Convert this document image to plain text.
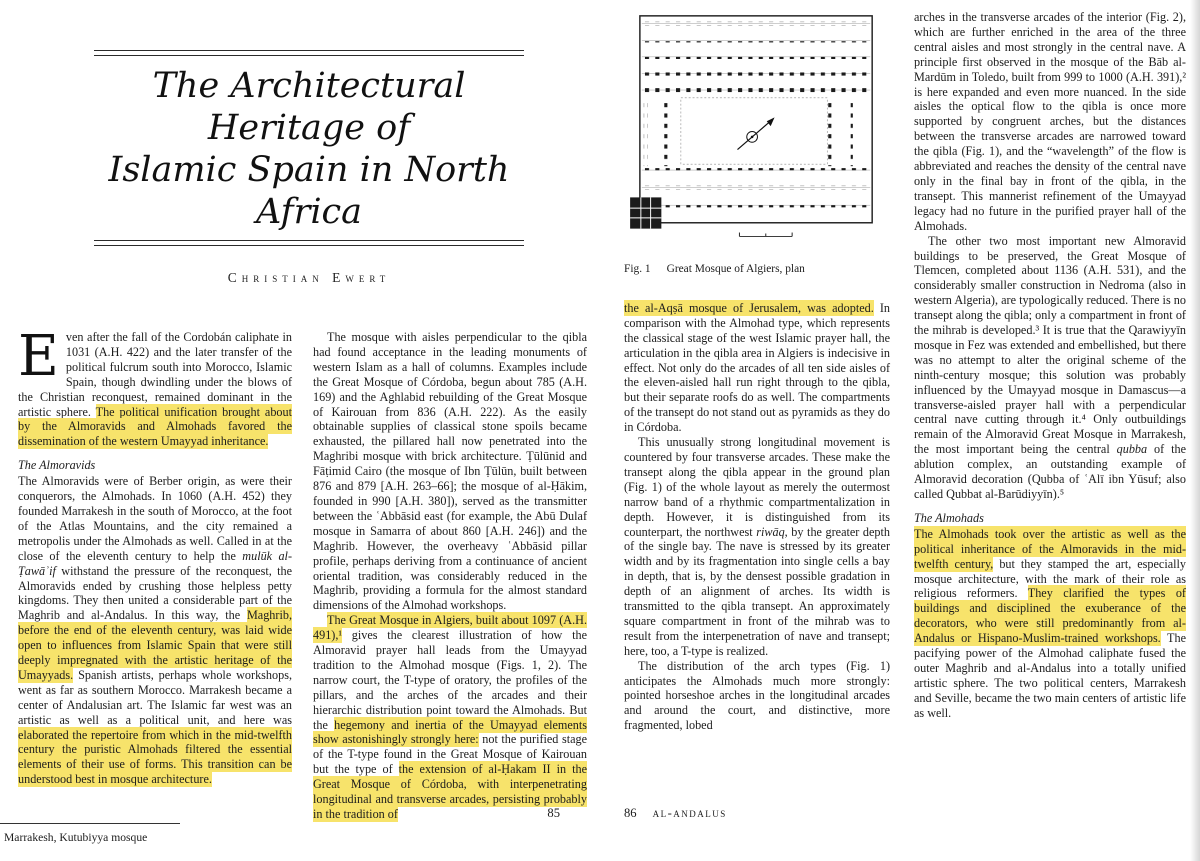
The Architectural Heritage of
Islamic Spain in North Africa
Christian Ewert

Even after the fall of the Cordobán caliphate in 1031 (A.H. 422) and the later transfer of the political fulcrum south into Morocco, Islamic Spain, though dwindling under the blows of the Christian reconquest, remained dominant in the artistic sphere. The political unification brought about by the Almoravids and Almohads favored the dissemination of the western Umayyad inheritance.

The Almoravids

The Almoravids were of Berber origin, as were their conquerors, the Almohads. In 1060 (A.H. 452) they founded Marrakesh in the south of Morocco, at the foot of the Atlas Mountains, and the city remained a metropolis under the Almohads as well. Called in at the close of the eleventh century to help the mulūk al-Ṭawāʾif withstand the pressure of the reconquest, the Almoravids ended by crushing those helpless petty kingdoms. They then united a considerable part of the Maghrib and al-Andalus. In this way, the Maghrib, before the end of the eleventh century, was laid wide open to influences from Islamic Spain that were still deeply impregnated with the artistic heritage of the Umayyads. Spanish artists, perhaps whole workshops, went as far as southern Morocco. Marrakesh became a center of Andalusian art. The Islamic far west was an artistic as well as a political unit, and here was elaborated the repertoire from which in the mid-twelfth century the puristic Almohads filtered the essential elements of their use of forms. This transition can be understood best in mosque architecture.

The mosque with aisles perpendicular to the qibla had found acceptance in the leading monuments of western Islam as a hall of columns. Examples include the Great Mosque of Córdoba, begun about 785 (A.H. 169) and the Aghlabid rebuilding of the Great Mosque of Kairouan from 836 (A.H. 222). As the easily obtainable supplies of classical stone spoils became exhausted, the pillared hall now penetrated into the Maghribi mosque with brick architecture. Ṭūlūnid and Fāṭimid Cairo (the mosque of Ibn Ṭūlūn, built between 876 and 879 [A.H. 263–66]; the mosque of al-Ḥākim, founded in 990 [A.H. 380]), served as the transmitter between the ʿAbbāsid east (for example, the Abū Dulaf mosque in Samarra of about 860 [A.H. 246]) and the Maghrib. However, the overheavy ʿAbbāsid pillar profile, perhaps deriving from a continuance of ancient oriental tradition, was considerably reduced in the Maghrib, providing a formula for the almost standard dimensions of the Almohad workshops.

The Great Mosque in Algiers, built about 1097 (A.H. 491),¹ gives the clearest illustration of how the Almoravid prayer hall leads from the Umayyad tradition to the Almohad mosque (Figs. 1, 2). The narrow court, the T-type of oratory, the profiles of the pillars, and the arches of the arcades and their hierarchic distribution point toward the Almohads. But the hegemony and inertia of the Umayyad elements show astonishingly strongly here: not the purified stage of the T-type found in the Great Mosque of Kairouan but the type of the extension of al-Ḥakam II in the Great Mosque of Córdoba, with interpenetrating longitudinal and transverse arcades, persisting probably in the tradition of

Marrakesh, Kutubiyya mosque
85
Fig. 1 Great Mosque of Algiers, plan

the al-Aqṣā mosque of Jerusalem, was adopted. In comparison with the Almohad type, which represents the classical stage of the west Islamic prayer hall, the articulation in the qibla area in Algiers is indecisive in effect. Not only do the arcades of all ten side aisles of the eleven-aisled hall run right through to the qibla, but their separate roofs do as well. The compartments of the transept do not stand out as pyramids as they do in Córdoba.

This unusually strong longitudinal movement is countered by four transverse arcades. These make the transept along the qibla appear in the ground plan (Fig. 1) of the whole layout as merely the outermost narrow band of a rhythmic compartmentalization in depth. However, it is distinguished from its counterpart, the northwest riwāq, by the greater depth of the single bay. The nave is stressed by its greater width and by its fragmentation into single cells a bay in depth, that is, by the densest possible gradation in depth of an alignment of arches. Its width is transmitted to the qibla transept. An approximately square compartment in front of the mihrab was to result from the interpenetration of nave and transept; here, too, a T-type is realized.

The distribution of the arch types (Fig. 1) anticipates the Almohads much more strongly: pointed horseshoe arches in the longitudinal arcades and around the court, and distinctive, more fragmented, lobed

arches in the transverse arcades of the interior (Fig. 2), which are further enriched in the area of the three central aisles and most strongly in the central nave. A principle first observed in the mosque of the Bāb al-Mardūm in Toledo, built from 999 to 1000 (A.H. 391),² is here expanded and even more nuanced. In the side aisles the optical flow to the qibla is once more supported by congruent arches, but the distances between the transverse arcades are narrowed toward the qibla (Fig. 1), and the “wavelength” of the flow is abbreviated and reaches the density of the central nave only in the final bay in front of the qibla, in the transept. This mannerist refinement of the Umayyad legacy had no future in the purified prayer hall of the Almohads.

The other two most important new Almoravid buildings to be preserved, the Great Mosque of Tlemcen, completed about 1136 (A.H. 531), and the considerably smaller construction in Nedroma (also in western Algeria), are typologically reduced. There is no transept along the qibla; only a compartment in front of the mihrab is developed.³ It is true that the Qarawiyyīn mosque in Fez was extended and embellished, but there was no attempt to alter the original scheme of the ninth-century mosque; this solution was probably influenced by the Umayyad mosque in Damascus—a transverse-aisled prayer hall with a perpendicular central nave cutting through it.⁴ Only outbuildings remain of the Almoravid Great Mosque in Marrakesh, the most important being the central qubba of the ablution complex, an outstanding example of Almoravid decoration (Qubba of ʿAlī ibn Yūsuf; also called Qubbat al-Barūdiyyīn).⁵

The Almohads

The Almohads took over the artistic as well as the political inheritance of the Almoravids in the mid-twelfth century, but they stamped the art, especially mosque architecture, with the mark of their role as religious reformers. They clarified the types of buildings and disciplined the exuberance of the decorators, who were still predominantly from al-Andalus or Hispano-Muslim-trained workshops. The pacifying power of the Almohad caliphate fused the outer Maghrib and al-Andalus into a totally unified artistic sphere. The two political centers, Marrakesh and Seville, became the two main centers of artistic life as well.

86 al-andalus
